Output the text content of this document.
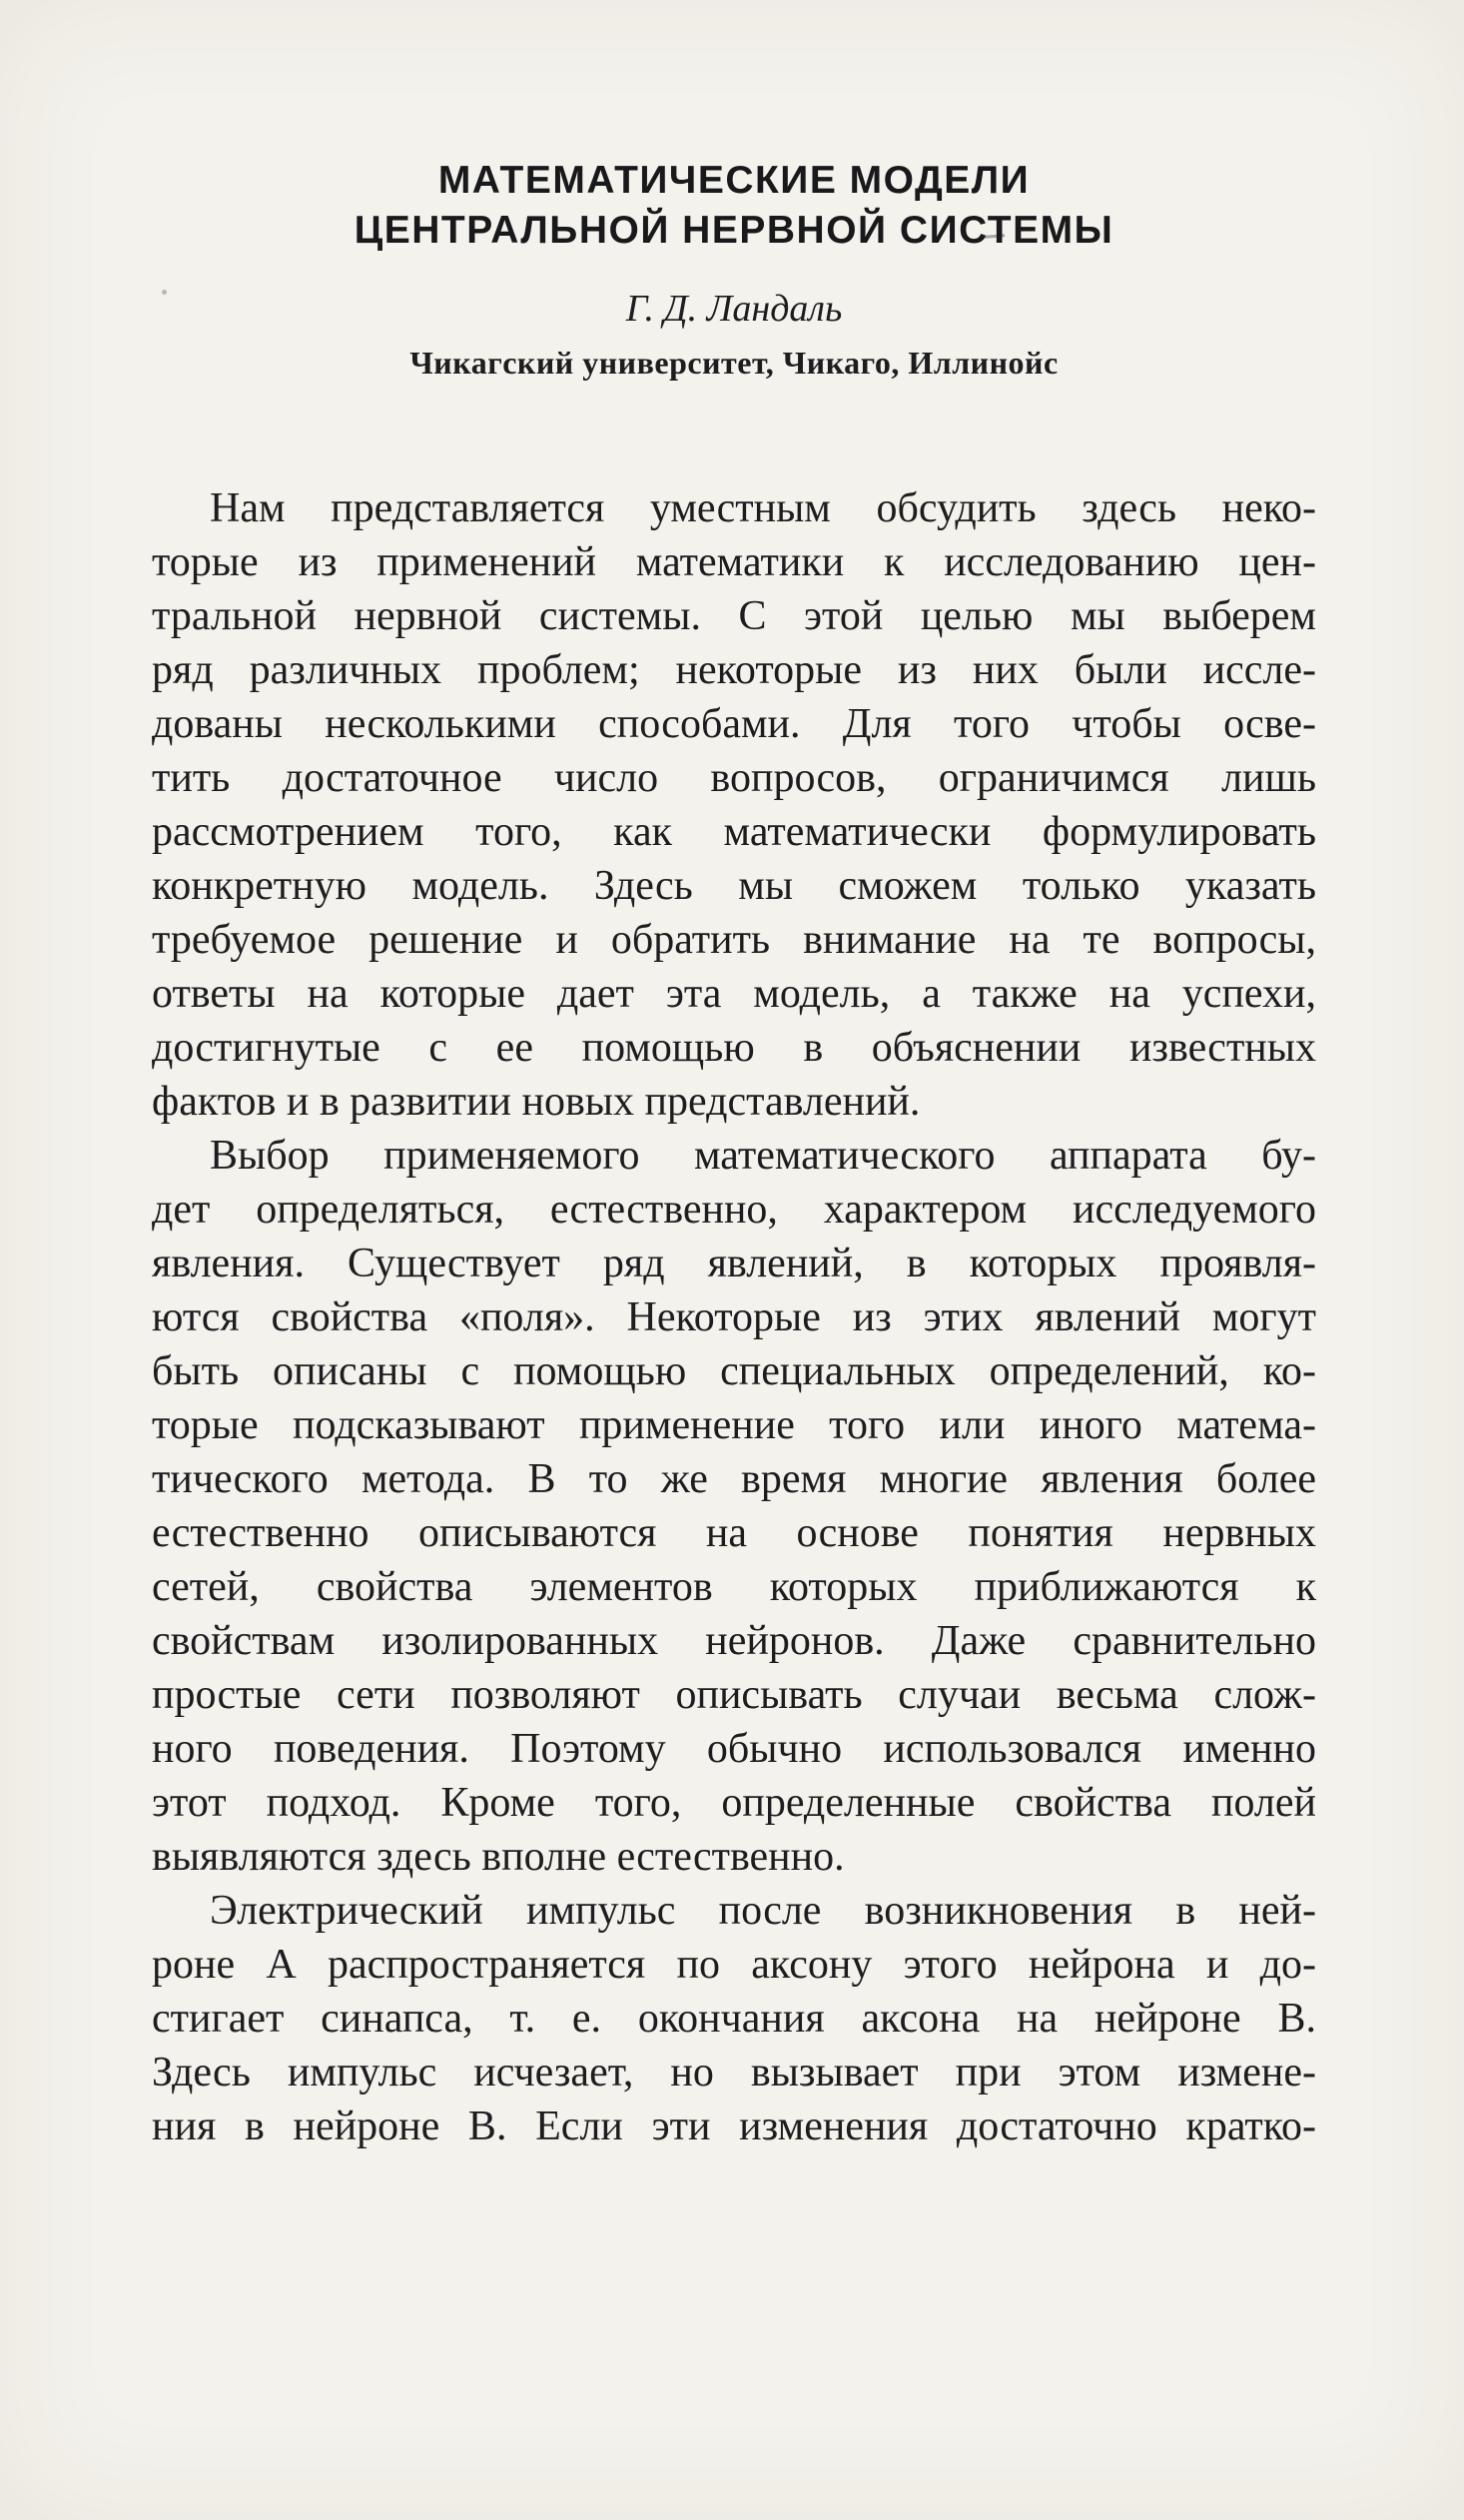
МАТЕМАТИЧЕСКИЕ МОДЕЛИ
ЦЕНТРАЛЬНОЙ НЕРВНОЙ СИСТЕМЫ
Г. Д. Ландаль
Чикагский университет, Чикаго, Иллинойс
Нам представляется уместным обсудить здесь неко-
торые из применений математики к исследованию цен-
тральной нервной системы. С этой целью мы выберем
ряд различных проблем; некоторые из них были иссле-
дованы несколькими способами. Для того чтобы осве-
тить достаточное число вопросов, ограничимся лишь
рассмотрением того, как математически формулировать
конкретную модель. Здесь мы сможем только указать
требуемое решение и обратить внимание на те вопросы,
ответы на которые дает эта модель, а также на успехи,
достигнутые с ее помощью в объяснении известных
фактов и в развитии новых представлений.
Выбор применяемого математического аппарата бу-
дет определяться, естественно, характером исследуемого
явления. Существует ряд явлений, в которых проявля-
ются свойства «поля». Некоторые из этих явлений могут
быть описаны с помощью специальных определений, ко-
торые подсказывают применение того или иного матема-
тического метода. В то же время многие явления более
естественно описываются на основе понятия нервных
сетей, свойства элементов которых приближаются к
свойствам изолированных нейронов. Даже сравнительно
простые сети позволяют описывать случаи весьма слож-
ного поведения. Поэтому обычно использовался именно
этот подход. Кроме того, определенные свойства полей
выявляются здесь вполне естественно.
Электрический импульс после возникновения в ней-
роне А распространяется по аксону этого нейрона и до-
стигает синапса, т. е. окончания аксона на нейроне В.
Здесь импульс исчезает, но вызывает при этом измене-
ния в нейроне В. Если эти изменения достаточно кратко-
